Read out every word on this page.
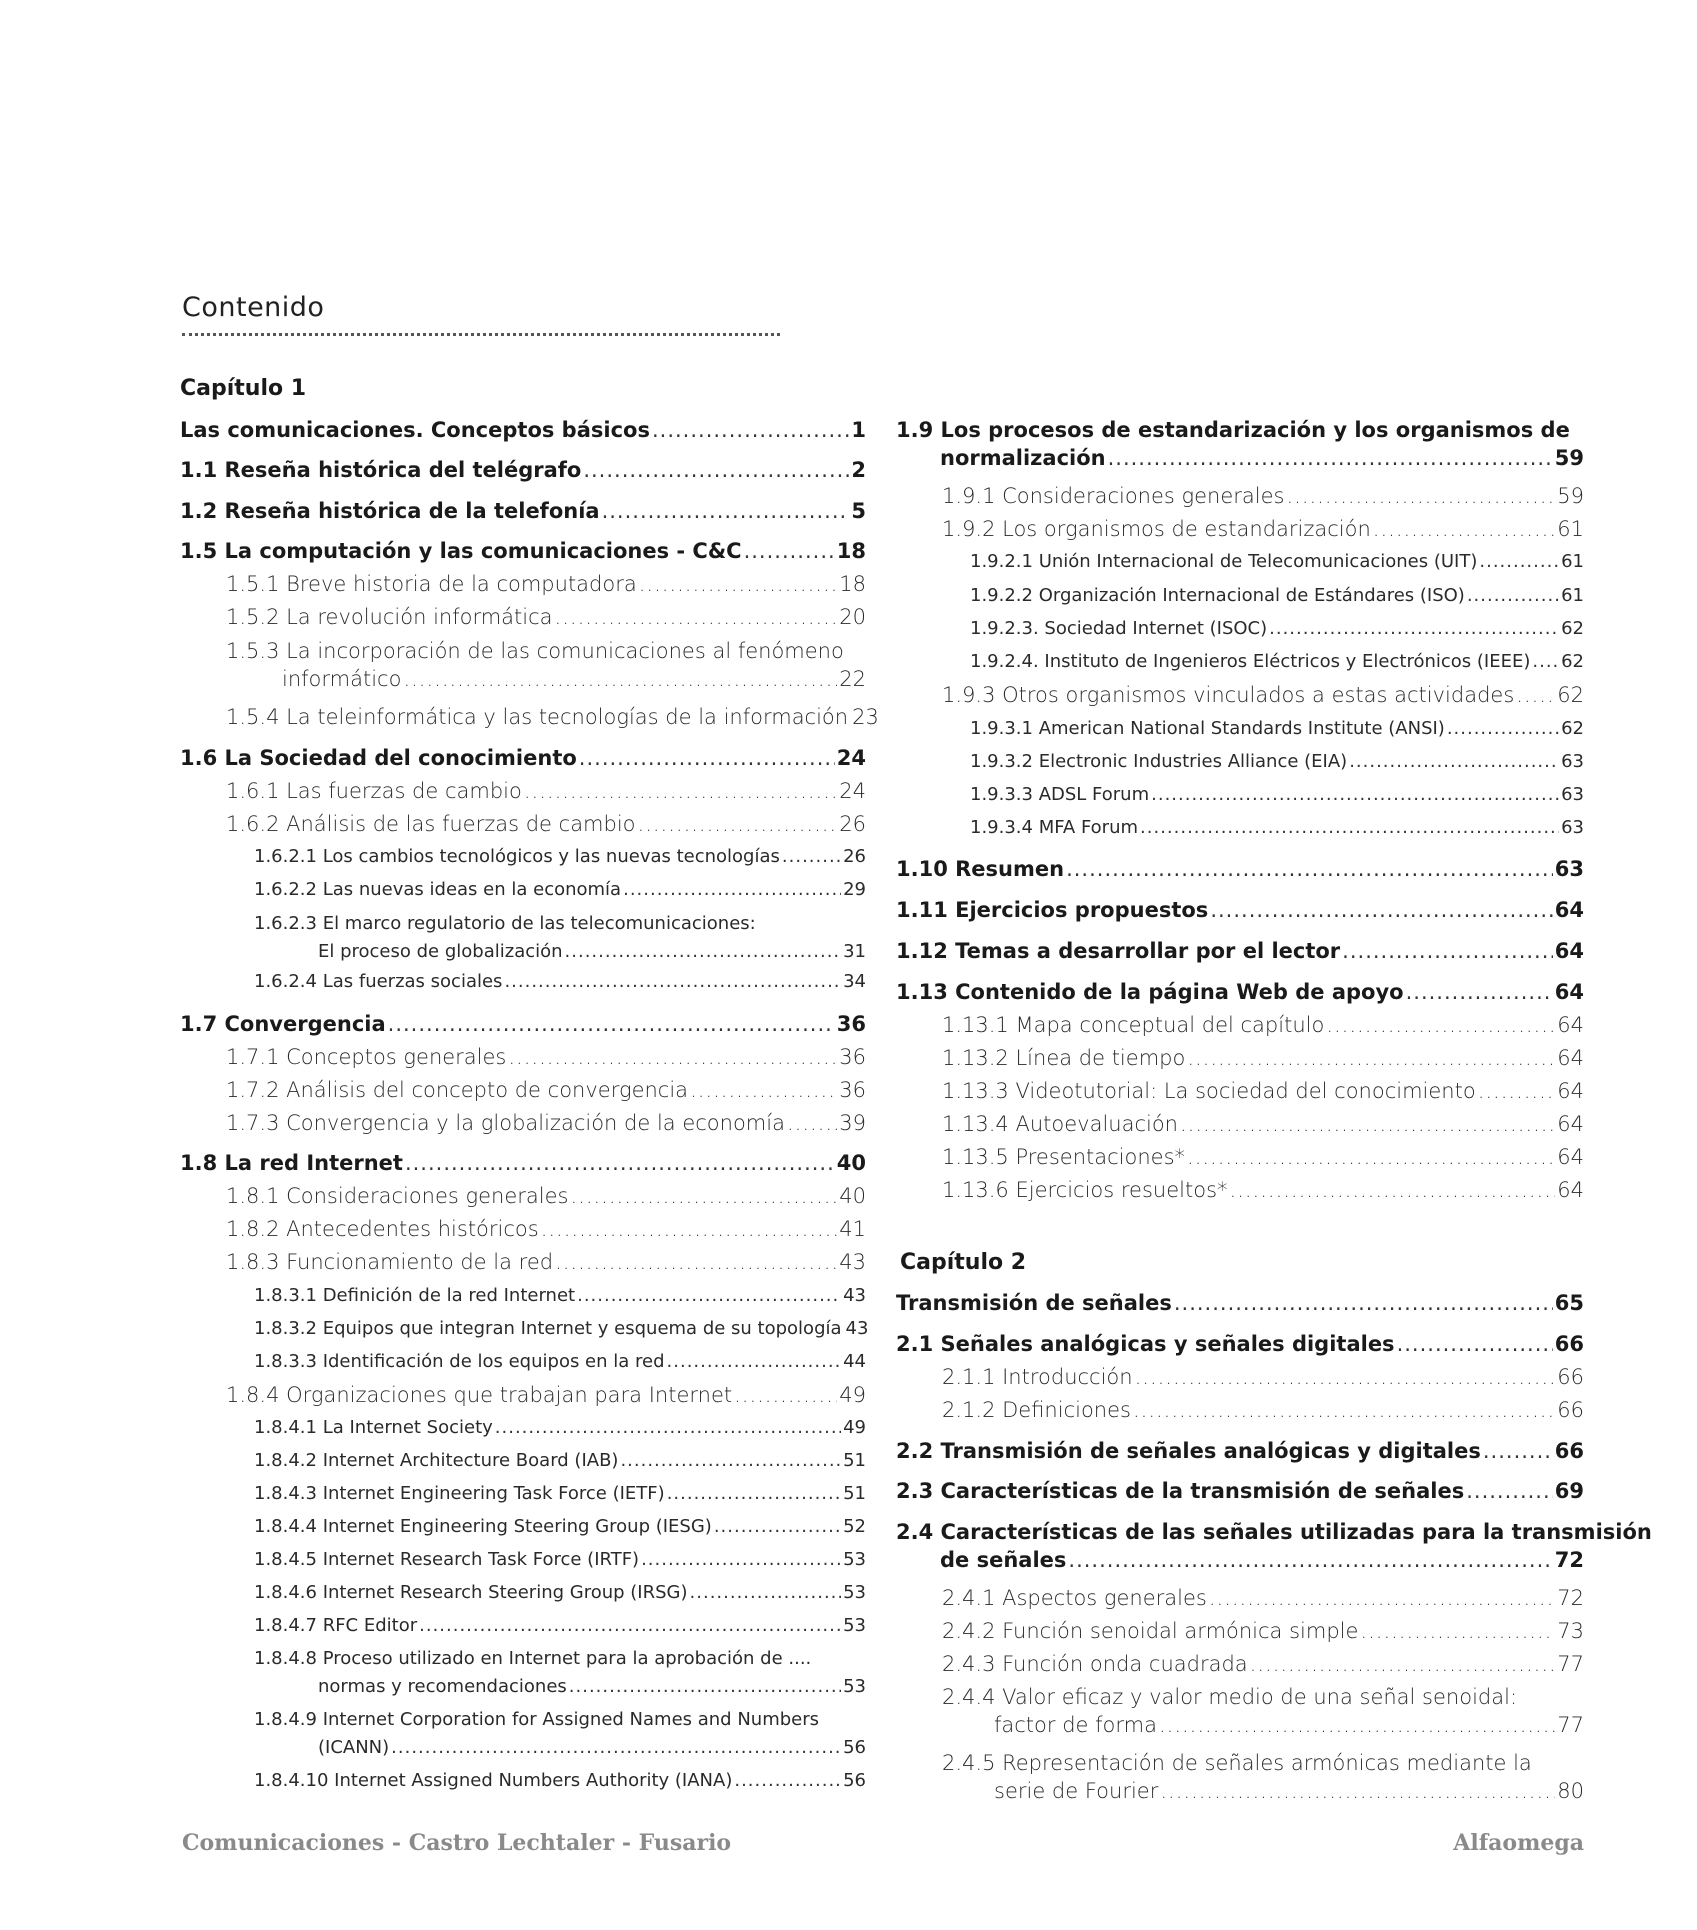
Contenido
Capítulo 1
Las comunicaciones. Conceptos básicos .....	1
1.1 Reseña histórica del telégrafo .....	2
1.2 Reseña histórica de la telefonía .....	5
1.5 La computación y las comunicaciones - C&C .....	18
1.5.1 Breve historia de la computadora .....	18
1.5.2 La revolución informática .....	20
1.5.3 La incorporación de las comunicaciones al fenómeno
informático .....	22
1.5.4 La teleinformática y las tecnologías de la información 23
1.6 La Sociedad del conocimiento .....	24
1.6.1 Las fuerzas de cambio .....	24
1.6.2 Análisis de las fuerzas de cambio .....	26
1.6.2.1 Los cambios tecnológicos y las nuevas tecnologías .....	26
1.6.2.2 Las nuevas ideas en la economía .....	29
1.6.2.3 El marco regulatorio de las telecomunicaciones:
El proceso de globalización .....	31
1.6.2.4 Las fuerzas sociales .....	34
1.7 Convergencia .....	36
1.7.1 Conceptos generales .....	36
1.7.2 Análisis del concepto de convergencia .....	36
1.7.3 Convergencia y la globalización de la economía .....	39
1.8 La red Internet .....	40
1.8.1 Consideraciones generales .....	40
1.8.2 Antecedentes históricos .....	41
1.8.3 Funcionamiento de la red .....	43
1.8.3.1 Definición de la red Internet .....	43
1.8.3.2 Equipos que integran Internet y esquema de su topología 43
1.8.3.3 Identificación de los equipos en la red .....	44
1.8.4 Organizaciones que trabajan para Internet .....	49
1.8.4.1 La Internet Society .....	49
1.8.4.2 Internet Architecture Board (IAB) .....	51
1.8.4.3 Internet Engineering Task Force (IETF) .....	51
1.8.4.4 Internet Engineering Steering Group (IESG) .....	52
1.8.4.5 Internet Research Task Force (IRTF) .....	53
1.8.4.6 Internet Research Steering Group (IRSG) .....	53
1.8.4.7 RFC Editor .....	53
1.8.4.8 Proceso utilizado en Internet para la aprobación de ....
normas y recomendaciones .....	53
1.8.4.9 Internet Corporation for Assigned Names and Numbers
(ICANN) .....	56
1.8.4.10 Internet Assigned Numbers Authority (IANA) .....	56
1.9 Los procesos de estandarización y los organismos de
normalización .....	59
1.9.1 Consideraciones generales .....	59
1.9.2 Los organismos de estandarización .....	61
1.9.2.1 Unión Internacional de Telecomunicaciones (UIT) .....	61
1.9.2.2 Organización Internacional de Estándares (ISO) .....	61
1.9.2.3. Sociedad Internet (ISOC) .....	62
1.9.2.4. Instituto de Ingenieros Eléctricos y Electrónicos (IEEE) ..... 62
1.9.3 Otros organismos vinculados a estas actividades ..... 62
1.9.3.1 American National Standards Institute (ANSI) .....	62
1.9.3.2 Electronic Industries Alliance (EIA) .....	63
1.9.3.3 ADSL Forum .....	63
1.9.3.4 MFA Forum .....	63
1.10 Resumen .....	63
1.11 Ejercicios propuestos .....	64
1.12 Temas a desarrollar por el lector .....	64
1.13 Contenido de la página Web de apoyo .....	64
1.13.1 Mapa conceptual del capítulo .....	64
1.13.2 Línea de tiempo .....	64
1.13.3 Videotutorial: La sociedad del conocimiento .....	64
1.13.4 Autoevaluación .....	64
1.13.5 Presentaciones* .....	64
1.13.6 Ejercicios resueltos* .....	64
Capítulo 2
Transmisión de señales .....	65
2.1 Señales analógicas y señales digitales .....	66
2.1.1 Introducción .....	66
2.1.2 Definiciones .....	66
2.2 Transmisión de señales analógicas y digitales .....	66
2.3 Características de la transmisión de señales .....	69
2.4 Características de las señales utilizadas para la transmisión
de señales .....	72
2.4.1 Aspectos generales .....	72
2.4.2 Función senoidal armónica simple .....	73
2.4.3 Función onda cuadrada .....	77
2.4.4 Valor eficaz y valor medio de una señal senoidal:
factor de forma .....	77
2.4.5 Representación de señales armónicas mediante la
serie de Fourier .....	80
Comunicaciones - Castro Lechtaler - Fusario	Alfaomega
